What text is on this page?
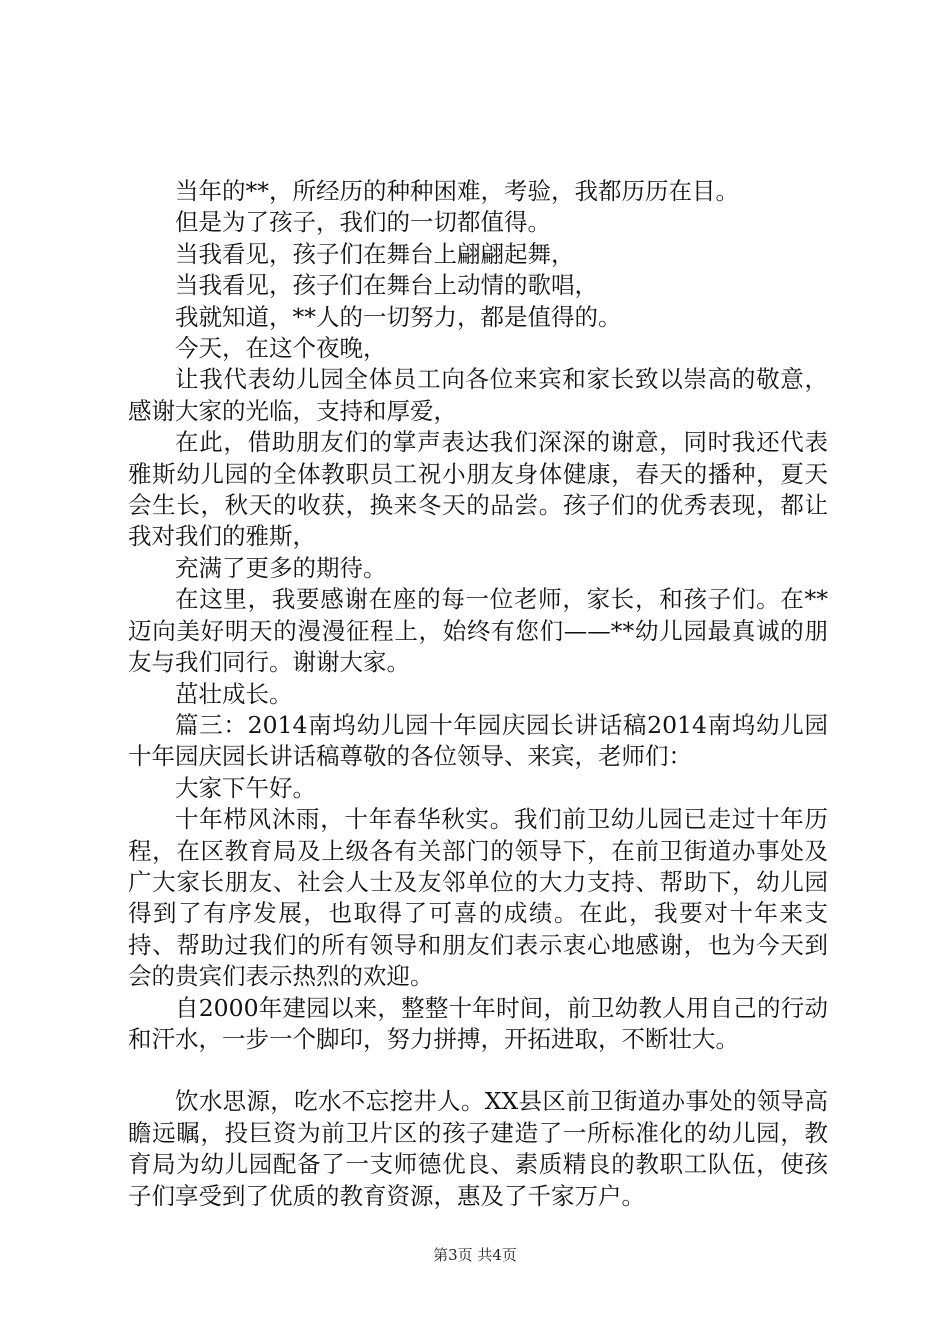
当年的**，所经历的种种困难，考验，我都历历在目。

但是为了孩子，我们的一切都值得。

当我看见，孩子们在舞台上翩翩起舞，

当我看见，孩子们在舞台上动情的歌唱，

我就知道，**人的一切努力，都是值得的。

今天，在这个夜晚，

让我代表幼儿园全体员工向各位来宾和家长致以崇高的敬意，感谢大家的光临，支持和厚爱，

在此，借助朋友们的掌声表达我们深深的谢意，同时我还代表雅斯幼儿园的全体教职员工祝小朋友身体健康，春天的播种，夏天会生长，秋天的收获，换来冬天的品尝。孩子们的优秀表现，都让我对我们的雅斯，

充满了更多的期待。

在这里，我要感谢在座的每一位老师，家长，和孩子们。在**迈向美好明天的漫漫征程上，始终有您们——**幼儿园最真诚的朋友与我们同行。谢谢大家。

茁壮成长。

篇三：2014南坞幼儿园十年园庆园长讲话稿2014南坞幼儿园十年园庆园长讲话稿尊敬的各位领导、来宾，老师们：

大家下午好。

十年栉风沐雨，十年春华秋实。我们前卫幼儿园已走过十年历程，在区教育局及上级各有关部门的领导下，在前卫街道办事处及广大家长朋友、社会人士及友邻单位的大力支持、帮助下，幼儿园得到了有序发展，也取得了可喜的成绩。在此，我要对十年来支持、帮助过我们的所有领导和朋友们表示衷心地感谢，也为今天到会的贵宾们表示热烈的欢迎。

自2000年建园以来，整整十年时间，前卫幼教人用自己的行动和汗水，一步一个脚印，努力拼搏，开拓进取，不断壮大。

饮水思源，吃水不忘挖井人。XX县区前卫街道办事处的领导高瞻远瞩，投巨资为前卫片区的孩子建造了一所标准化的幼儿园，教育局为幼儿园配备了一支师德优良、素质精良的教职工队伍，使孩子们享受到了优质的教育资源，惠及了千家万户。

第3页 共4页
